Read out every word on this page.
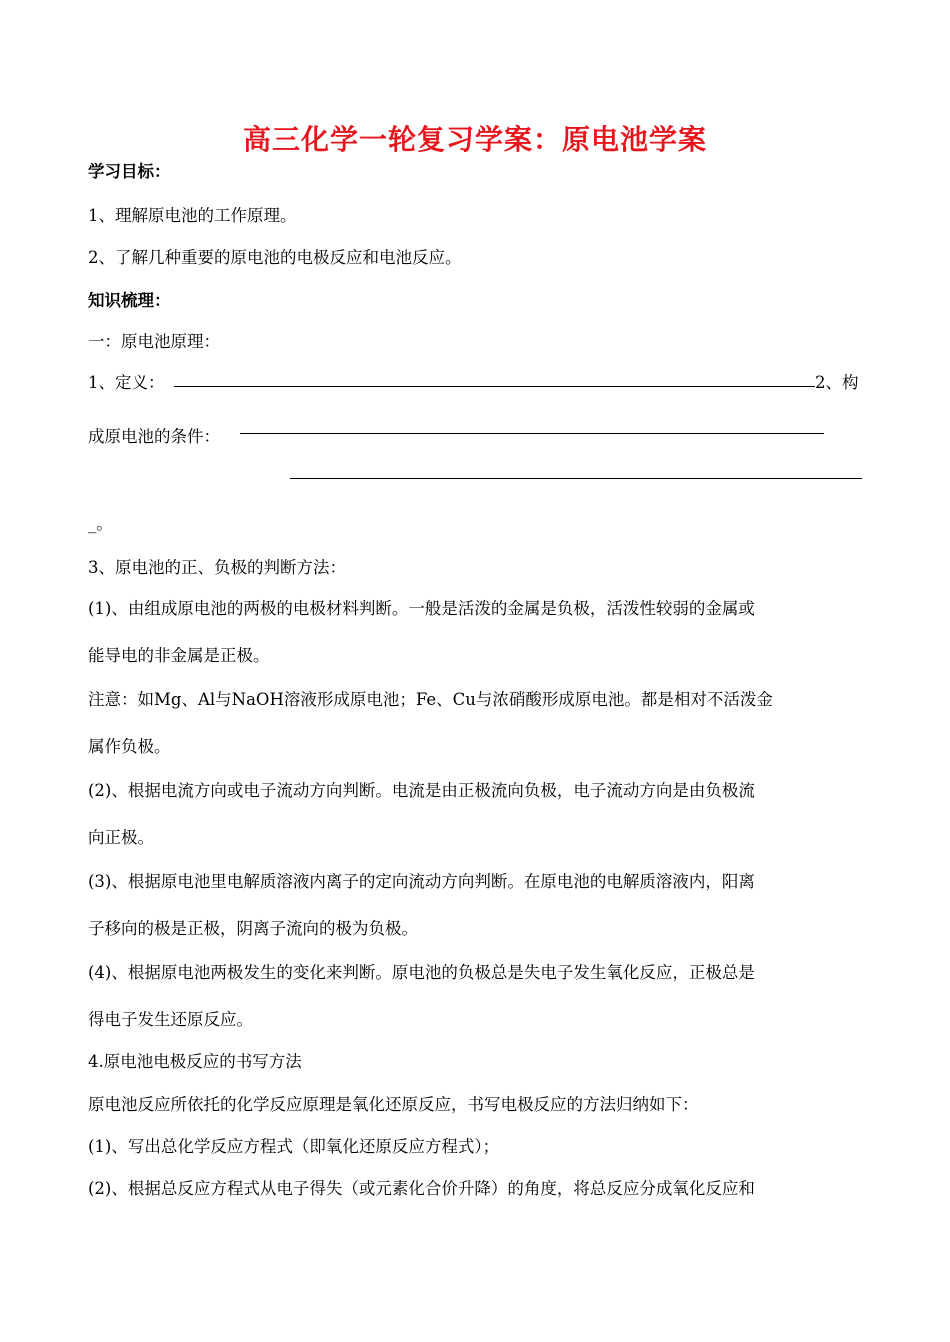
高三化学一轮复习学案：原电池学案
学习目标：
1、理解原电池的工作原理。
2、了解几种重要的原电池的电极反应和电池反应。
知识梳理：
一：原电池原理：
1、定义：	2、构
成原电池的条件：
_。
3、原电池的正、负极的判断方法：
(1)、由组成原电池的两极的电极材料判断。一般是活泼的金属是负极，活泼性较弱的金属或
能导电的非金属是正极。
注意：如Mg、Al与NaOH溶液形成原电池；Fe、Cu与浓硝酸形成原电池。都是相对不活泼金
属作负极。
(2)、根据电流方向或电子流动方向判断。电流是由正极流向负极，电子流动方向是由负极流
向正极。
(3)、根据原电池里电解质溶液内离子的定向流动方向判断。在原电池的电解质溶液内，阳离
子移向的极是正极，阴离子流向的极为负极。
(4)、根据原电池两极发生的变化来判断。原电池的负极总是失电子发生氧化反应，正极总是
得电子发生还原反应。
4.原电池电极反应的书写方法
原电池反应所依托的化学反应原理是氧化还原反应，书写电极反应的方法归纳如下：
(1)、写出总化学反应方程式（即氧化还原反应方程式）；
(2)、根据总反应方程式从电子得失（或元素化合价升降）的角度，将总反应分成氧化反应和
